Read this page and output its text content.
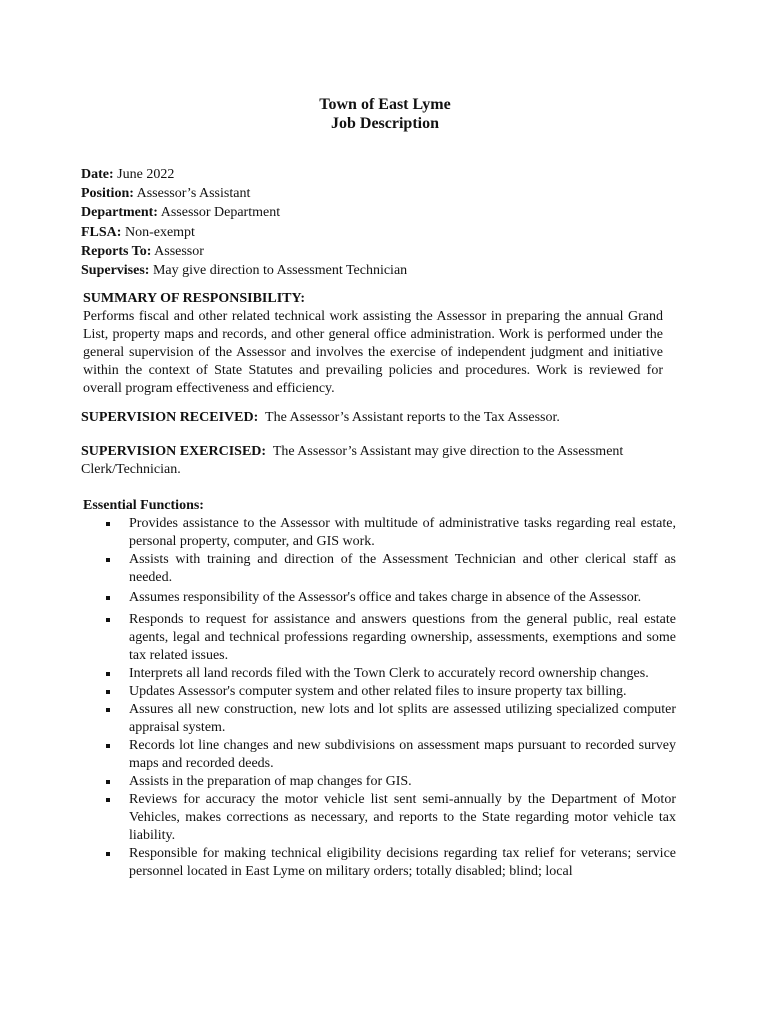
Town of East Lyme
Job Description
Date: June 2022
Position: Assessor’s Assistant
Department: Assessor Department
FLSA: Non-exempt
Reports To: Assessor
Supervises: May give direction to Assessment Technician
SUMMARY OF RESPONSIBILITY:
Performs fiscal and other related technical work assisting the Assessor in preparing the annual Grand List, property maps and records, and other general office administration. Work is performed under the general supervision of the Assessor and involves the exercise of independent judgment and initiative within the context of State Statutes and prevailing policies and procedures. Work is reviewed for overall program effectiveness and efficiency.
SUPERVISION RECEIVED: The Assessor’s Assistant reports to the Tax Assessor.
SUPERVISION EXERCISED: The Assessor’s Assistant may give direction to the Assessment Clerk/Technician.
Essential Functions:
Provides assistance to the Assessor with multitude of administrative tasks regarding real estate, personal property, computer, and GIS work.
Assists with training and direction of the Assessment Technician and other clerical staff as needed.
Assumes responsibility of the Assessor's office and takes charge in absence of the Assessor.
Responds to request for assistance and answers questions from the general public, real estate agents, legal and technical professions regarding ownership, assessments, exemptions and some tax related issues.
Interprets all land records filed with the Town Clerk to accurately record ownership changes.
Updates Assessor's computer system and other related files to insure property tax billing.
Assures all new construction, new lots and lot splits are assessed utilizing specialized computer appraisal system.
Records lot line changes and new subdivisions on assessment maps pursuant to recorded survey maps and recorded deeds.
Assists in the preparation of map changes for GIS.
Reviews for accuracy the motor vehicle list sent semi-annually by the Department of Motor Vehicles, makes corrections as necessary, and reports to the State regarding motor vehicle tax liability.
Responsible for making technical eligibility decisions regarding tax relief for veterans; service personnel located in East Lyme on military orders; totally disabled; blind; local
